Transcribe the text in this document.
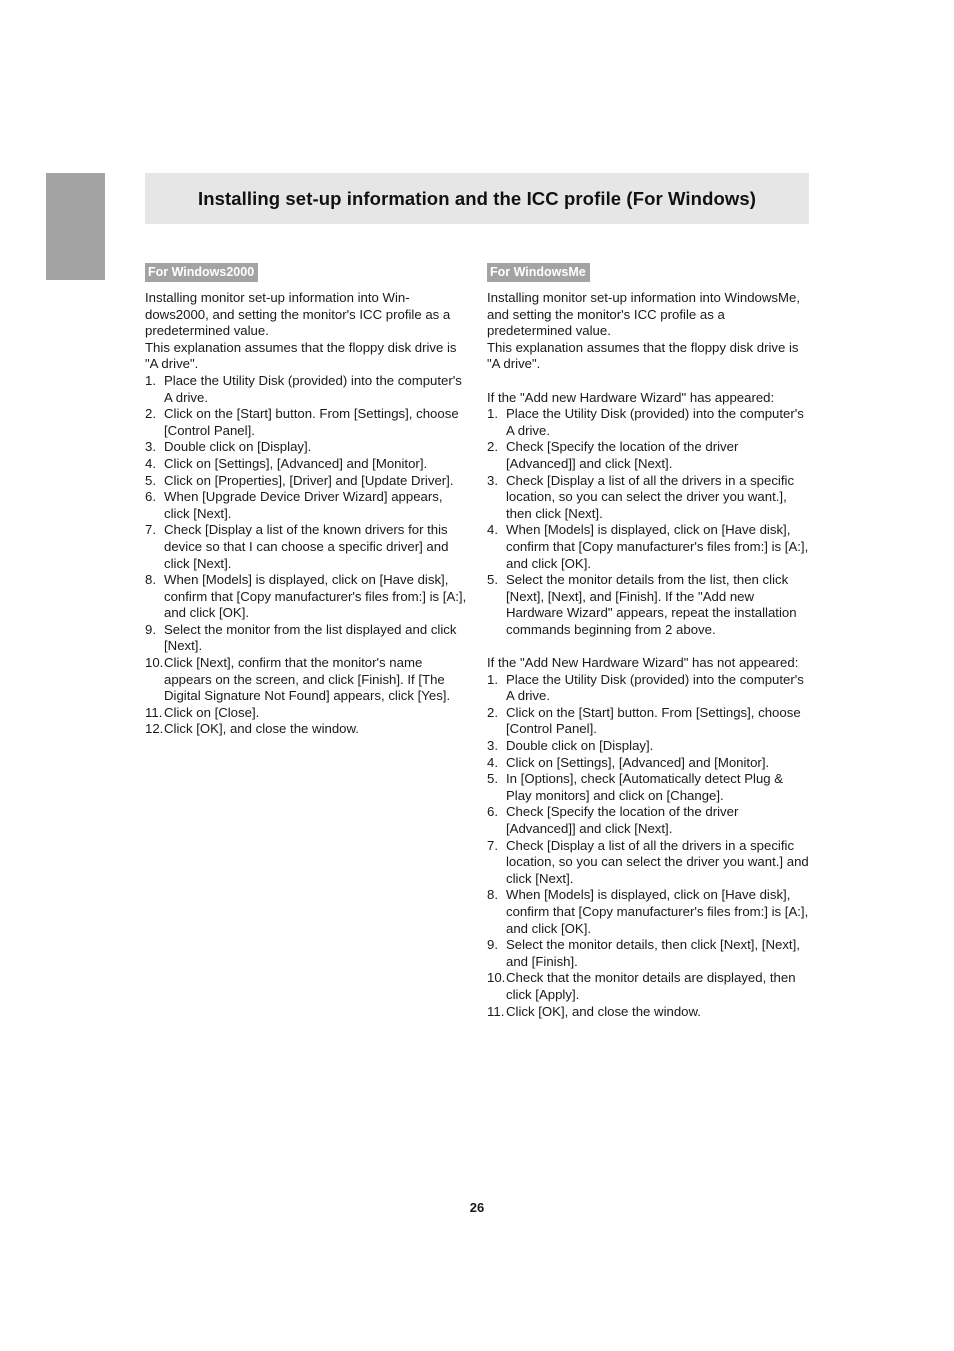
Installing set-up information and the ICC profile (For Windows)
For Windows2000

Installing monitor set-up information into Win-dows2000, and setting the monitor's ICC profile as a predetermined value.

This explanation assumes that the floppy disk drive is "A drive".

1. Place the Utility Disk (provided) into the computer's A drive.
2. Click on the [Start] button. From [Settings], choose [Control Panel].
3. Double click on [Display].
4. Click on [Settings], [Advanced] and [Monitor].
5. Click on [Properties], [Driver] and [Update Driver].
6. When [Upgrade Device Driver Wizard] appears, click [Next].
7. Check [Display a list of the known drivers for this device so that I can choose a specific driver] and click [Next].
8. When [Models] is displayed, click on [Have disk], confirm that [Copy manufacturer's files from:] is [A:], and click [OK].
9. Select the monitor from the list displayed and click [Next].
10. Click [Next], confirm that the monitor's name appears on the screen, and click [Finish]. If [The Digital Signature Not Found] appears, click [Yes].
11. Click on [Close].
12. Click [OK], and close the window.
For WindowsMe

Installing monitor set-up information into WindowsMe, and setting the monitor's ICC profile as a predetermined value.

This explanation assumes that the floppy disk drive is "A drive".

If the "Add new Hardware Wizard" has appeared:

1. Place the Utility Disk (provided) into the computer's A drive.
2. Check [Specify the location of the driver [Advanced]] and click [Next].
3. Check [Display a list of all the drivers in a specific location, so you can select the driver you want.], then click [Next].
4. When [Models] is displayed, click on [Have disk], confirm that [Copy manufacturer's files from:] is [A:], and click [OK].
5. Select the monitor details from the list, then click [Next], [Next], and [Finish]. If the "Add new Hardware Wizard" appears, repeat the installation commands beginning from 2 above.

If the "Add New Hardware Wizard" has not appeared:

1. Place the Utility Disk (provided) into the computer's A drive.
2. Click on the [Start] button. From [Settings], choose [Control Panel].
3. Double click on [Display].
4. Click on [Settings], [Advanced] and [Monitor].
5. In [Options], check [Automatically detect Plug & Play monitors] and click on [Change].
6. Check [Specify the location of the driver [Advanced]] and click [Next].
7. Check [Display a list of all the drivers in a specific location, so you can select the driver you want.] and click [Next].
8. When [Models] is displayed, click on [Have disk], confirm that [Copy manufacturer's files from:] is [A:], and click [OK].
9. Select the monitor details, then click [Next], [Next], and [Finish].
10. Check that the monitor details are displayed, then click [Apply].
11. Click [OK], and close the window.
26
